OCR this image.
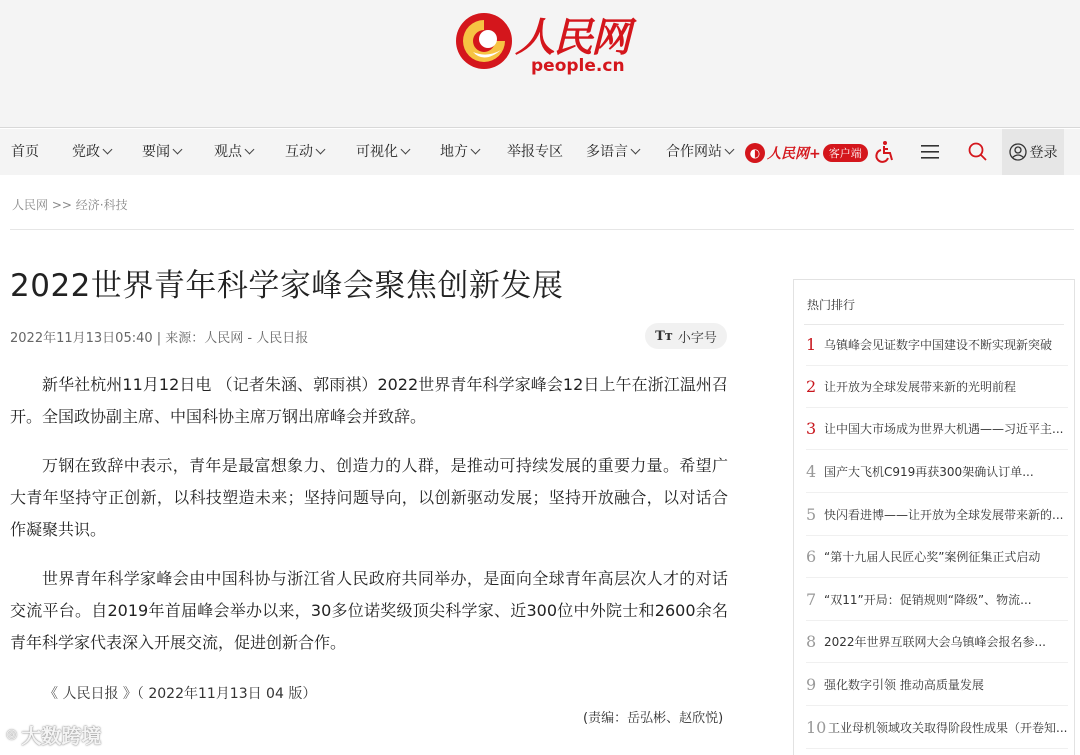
人民网
people.cn
首页 党政	要闻	观点	互动	可视化	地方	举报专区 多语言	合作网站	◐ 人民网+ 客户端	登录
人民网 >> 经济·科技
2022世界青年科学家峰会聚焦创新发展
2022年11月13日05:40 | 来源：人民网 - 人民日报	Tт 小字号

新华社杭州11月12日电 （记者朱涵、郭雨祺）2022世界青年科学家峰会12日上午在浙江温州召开。全国政协副主席、中国科协主席万钢出席峰会并致辞。

万钢在致辞中表示，青年是最富想象力、创造力的人群，是推动可持续发展的重要力量。希望广大青年坚持守正创新，以科技塑造未来；坚持问题导向，以创新驱动发展；坚持开放融合，以对话合作凝聚共识。

世界青年科学家峰会由中国科协与浙江省人民政府共同举办，是面向全球青年高层次人才的对话交流平台。自2019年首届峰会举办以来，30多位诺奖级顶尖科学家、近300位中外院士和2600余名青年科学家代表深入开展交流，促进创新合作。

《 人民日报 》（ 2022年11月13日 04 版）
(责编：岳弘彬、赵欣悦)
◎ 大数跨境
热门排行
1 乌镇峰会见证数字中国建设不断实现新突破
2 让开放为全球发展带来新的光明前程
3 让中国大市场成为世界大机遇——习近平主...
4 国产大飞机C919再获300架确认订单...
5 快闪看进博——让开放为全球发展带来新的...
6 “第十九届人民匠心奖”案例征集正式启动
7 “双11”开局：促销规则“降级”、物流...
8 2022年世界互联网大会乌镇峰会报名参...
9 强化数字引领 推动高质量发展
10 工业母机领域攻关取得阶段性成果（开卷知...
